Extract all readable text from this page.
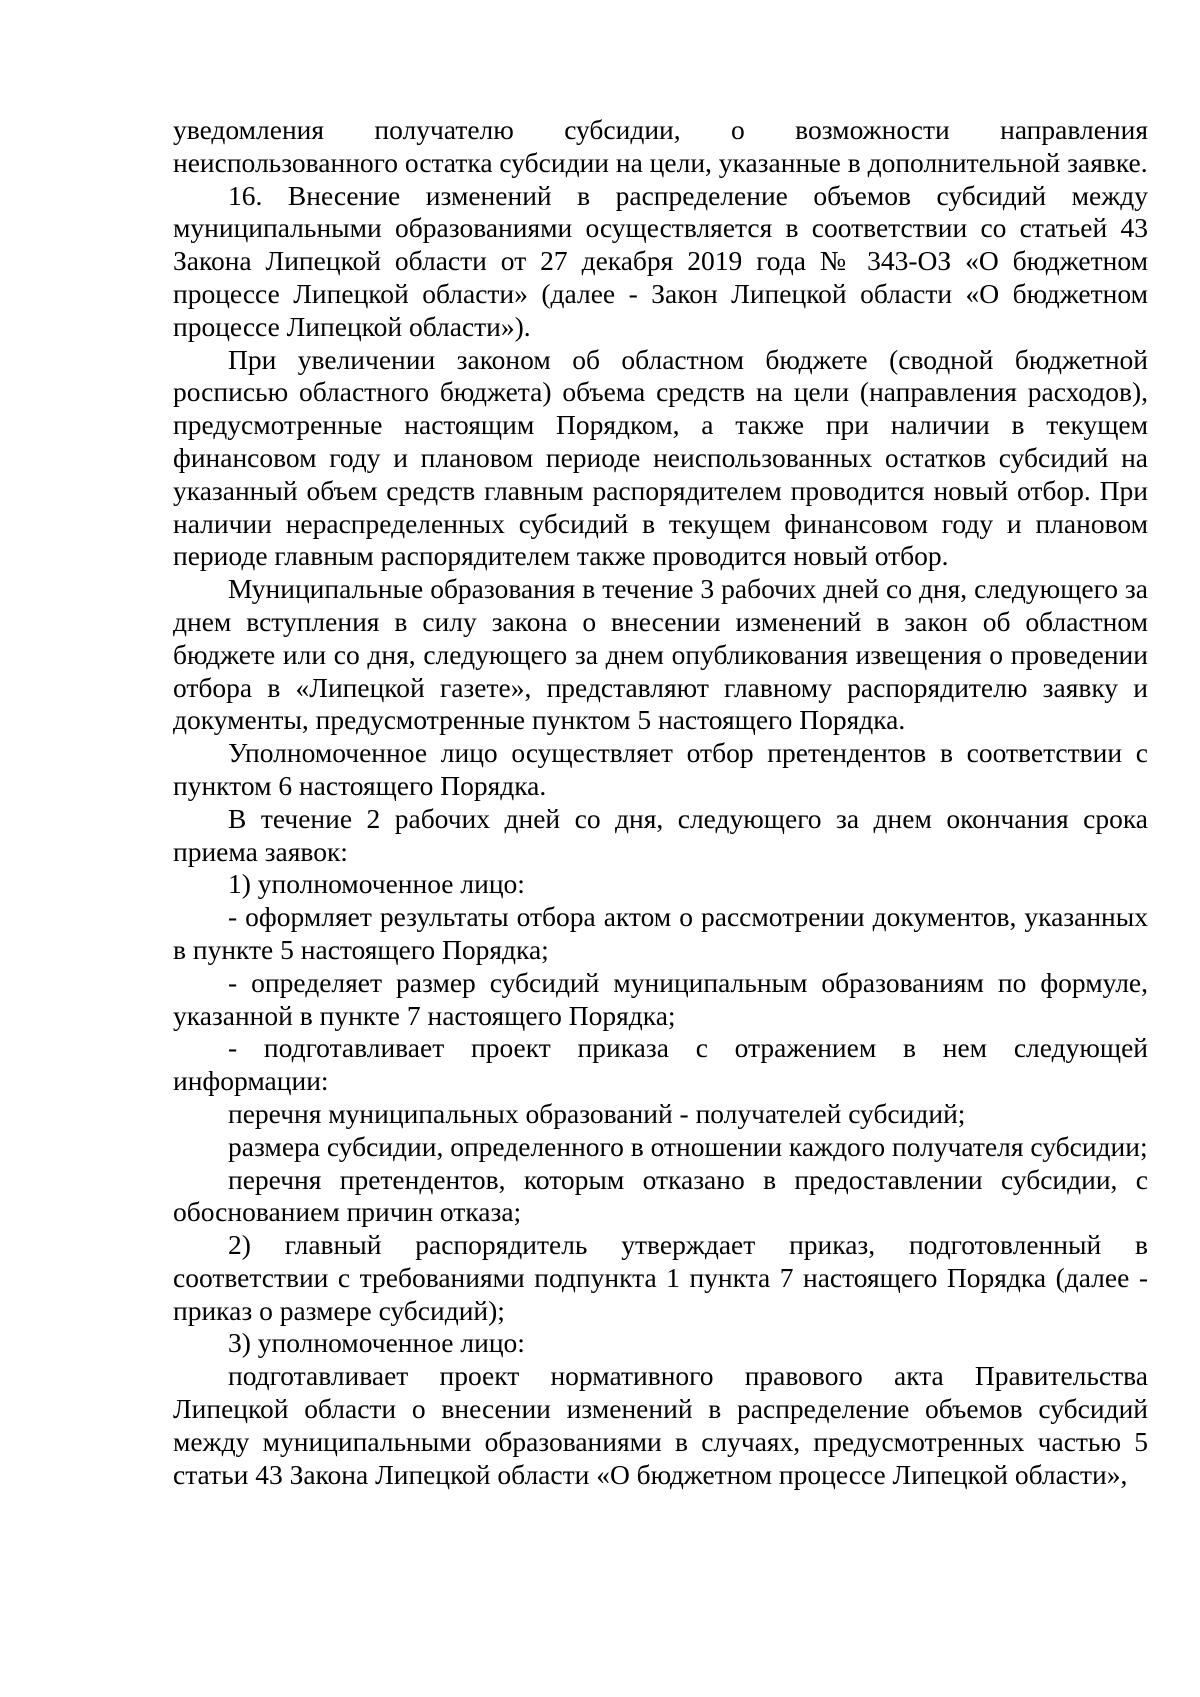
уведомления получателю субсидии, о возможности направления неиспользованного остатка субсидии на цели, указанные в дополнительной заявке.

16. Внесение изменений в распределение объемов субсидий между муниципальными образованиями осуществляется в соответствии со статьей 43 Закона Липецкой области от 27 декабря 2019 года № 343-ОЗ «О бюджетном процессе Липецкой области» (далее - Закон Липецкой области «О бюджетном процессе Липецкой области»).

При увеличении законом об областном бюджете (сводной бюджетной росписью областного бюджета) объема средств на цели (направления расходов), предусмотренные настоящим Порядком, а также при наличии в текущем финансовом году и плановом периоде неиспользованных остатков субсидий на указанный объем средств главным распорядителем проводится новый отбор. При наличии нераспределенных субсидий в текущем финансовом году и плановом периоде главным распорядителем также проводится новый отбор.

Муниципальные образования в течение 3 рабочих дней со дня, следующего за днем вступления в силу закона о внесении изменений в закон об областном бюджете или со дня, следующего за днем опубликования извещения о проведении отбора в «Липецкой газете», представляют главному распорядителю заявку и документы, предусмотренные пунктом 5 настоящего Порядка.

Уполномоченное лицо осуществляет отбор претендентов в соответствии с пунктом 6 настоящего Порядка.

В течение 2 рабочих дней со дня, следующего за днем окончания срока приема заявок:

1) уполномоченное лицо:

- оформляет результаты отбора актом о рассмотрении документов, указанных в пункте 5 настоящего Порядка;

- определяет размер субсидий муниципальным образованиям по формуле, указанной в пункте 7 настоящего Порядка;

- подготавливает проект приказа с отражением в нем следующей информации:

перечня муниципальных образований - получателей субсидий;

размера субсидии, определенного в отношении каждого получателя субсидии;

перечня претендентов, которым отказано в предоставлении субсидии, с обоснованием причин отказа;

2) главный распорядитель утверждает приказ, подготовленный в соответствии с требованиями подпункта 1 пункта 7 настоящего Порядка (далее - приказ о размере субсидий);

3) уполномоченное лицо:

подготавливает проект нормативного правового акта Правительства Липецкой области о внесении изменений в распределение объемов субсидий между муниципальными образованиями в случаях, предусмотренных частью 5 статьи 43 Закона Липецкой области «О бюджетном процессе Липецкой области»,
